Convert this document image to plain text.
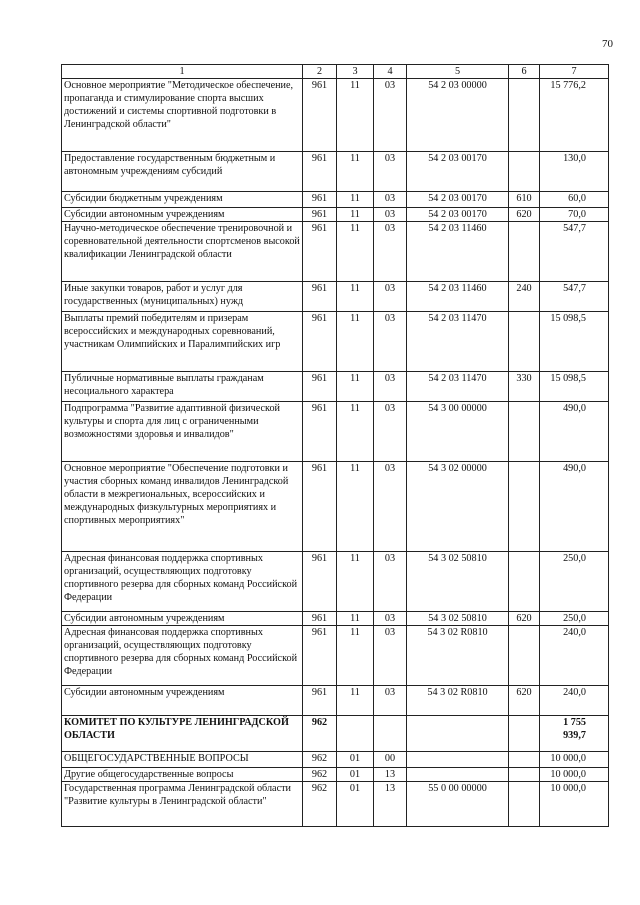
70
1	2	3	4	5	6	7
Основное мероприятие "Методическое обеспечение, пропаганда и стимулирование спорта высших достижений и системы спортивной подготовки в Ленинградской области"	961	11	03	54 2 03 00000		15 776,2
Предоставление государственным бюджетным и автономным учреждениям субсидий	961	11	03	54 2 03 00170		130,0
Субсидии бюджетным учреждениям	961	11	03	54 2 03 00170	610	60,0
Субсидии автономным учреждениям	961	11	03	54 2 03 00170	620	70,0
Научно-методическое обеспечение тренировочной и соревновательной деятельности спортсменов высокой квалификации Ленинградской области	961	11	03	54 2 03 11460		547,7
Иные закупки товаров, работ и услуг для государственных (муниципальных) нужд	961	11	03	54 2 03 11460	240	547,7
Выплаты премий победителям и призерам всероссийских и международных соревнований, участникам Олимпийских и Паралимпийских игр	961	11	03	54 2 03 11470		15 098,5
Публичные нормативные выплаты гражданам несоциального характера	961	11	03	54 2 03 11470	330	15 098,5
Подпрограмма "Развитие адаптивной физической культуры и спорта для лиц с ограниченными возможностями здоровья и инвалидов"	961	11	03	54 3 00 00000		490,0
Основное мероприятие "Обеспечение подготовки и участия сборных команд инвалидов Ленинградской области в межрегиональных, всероссийских и международных физкультурных мероприятиях и спортивных мероприятиях"	961	11	03	54 3 02 00000		490,0
Адресная финансовая поддержка спортивных организаций, осуществляющих подготовку спортивного резерва для сборных команд Российской Федерации	961	11	03	54 3 02 50810		250,0
Субсидии автономным учреждениям	961	11	03	54 3 02 50810	620	250,0
Адресная финансовая поддержка спортивных организаций, осуществляющих подготовку спортивного резерва для сборных команд Российской Федерации	961	11	03	54 3 02 R0810		240,0
Субсидии автономным учреждениям	961	11	03	54 3 02 R0810	620	240,0
КОМИТЕТ ПО КУЛЬТУРЕ ЛЕНИНГРАДСКОЙ ОБЛАСТИ	962					1 755 939,7
ОБЩЕГОСУДАРСТВЕННЫЕ ВОПРОСЫ	962	01	00			10 000,0
Другие общегосударственные вопросы	962	01	13			10 000,0
Государственная программа Ленинградской области "Развитие культуры в Ленинградской области"	962	01	13	55 0 00 00000		10 000,0
